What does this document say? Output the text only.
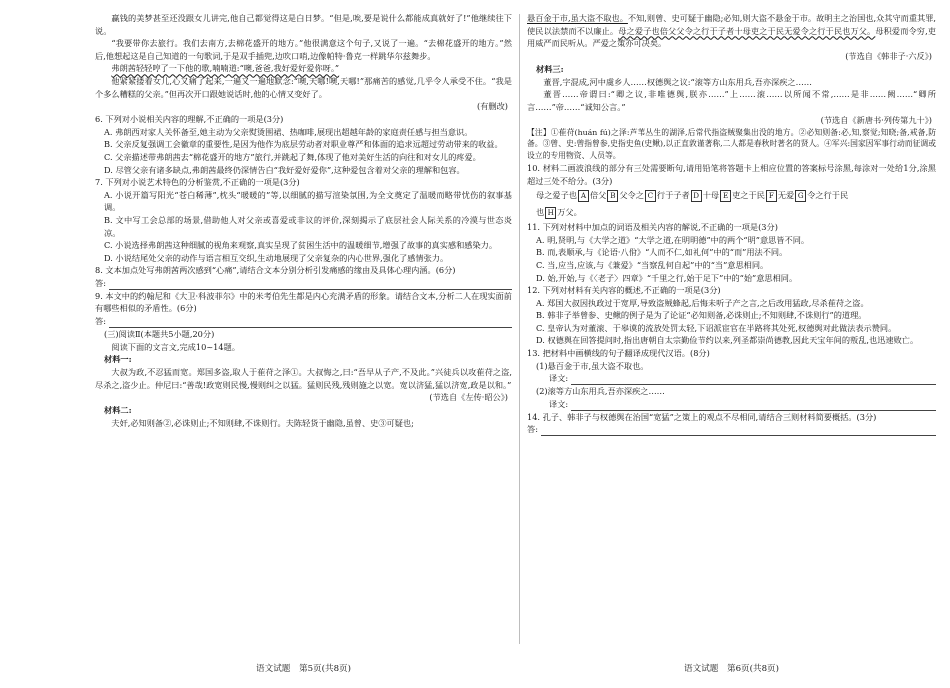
赢钱的美梦甚至还没跟女儿讲完,他自己都觉得这是白日梦。“但是,唉,要是说什么都能成真就好了!”他继续往下说。

“我要带你去旅行。我们去南方,去棉花盛开的地方。”他很满意这个句子,又说了一遍。“去棉花盛开的地方。”然后,他想起这是自己知道的一句歌词,于是双手插兜,边吹口哨,边像帕特·鲁克一样跳华尔兹舞步。

弗朗茜轻轻哼了一下他的歌,喃喃道:“噢,爸爸,我好爱好爱你呀。”

他紧紧搂着女儿,心又痛了起来,一遍又一遍地默念:“噢,天哪!噢,天哪!”那痛苦的感觉,几乎令人承受不住。“我是个多么糟糕的父亲。”但再次开口跟她说话时,他的心情又变好了。

(有删改)

6. 下列对小说相关内容的理解,不正确的一项是(3分)

A. 弗朗西对家人关怀备至,她主动为父亲熨烫围裙、热咖啡,展现出超越年龄的家庭责任感与担当意识。

B. 父亲反复强调工会徽章的重要性,是因为他作为底层劳动者对职业尊严和体面的追求远超过劳动带来的收益。

C. 父亲描述带弗朗茜去“棉花盛开的地方”旅行,并跳起了舞,体现了他对美好生活的向往和对女儿的疼爱。

D. 尽管父亲有诸多缺点,弗朗茜最终仍深情告白“我好爱好爱你”,这种爱包含着对父亲的理解和包容。

7. 下列对小说艺术特色的分析鉴赏,不正确的一项是(3分)

A. 小说开篇写阳光“苍白稀薄”,枕头“暖暖的”等,以细腻的描写渲染氛围,为全文奠定了温暖而略带忧伤的叙事基调。

B. 文中写工会总部的场景,借助他人对父亲或喜爱或非议的评价,深刻揭示了底层社会人际关系的冷漠与世态炎凉。

C. 小说选择弗朗茜这种细腻的视角来观察,真实呈现了贫困生活中的温暖细节,增强了故事的真实感和感染力。

D. 小说结尾处父亲的动作与语言相互交织,生动地展现了父亲复杂的内心世界,强化了感情张力。

8. 文本加点处写弗朗茜两次感到“心痛”,请结合文本分别分析引发痛感的缘由及具体心理内涵。(6分)

答:

9. 本文中的约翰尼和《大卫·科波菲尔》中的米考伯先生都是内心充满矛盾的形象。请结合文本,分析二人在现实面前有哪些相似的矛盾性。(6分)

答:

(三)阅读Ⅱ(本题共5小题,20分)

阅读下面的文言文,完成10~14题。

材料一:

大叔为政,不忍猛而宽。郑国多盗,取人于萑苻之泽①。大叔悔之,曰:“吾早从子产,不及此。”兴徒兵以攻萑苻之盗,尽杀之,盗少止。仲尼曰:“善哉!政宽则民慢,慢则纠之以猛。猛则民残,残则施之以宽。宽以济猛,猛以济宽,政是以和。”

(节选自《左传·昭公》)

材料二:

夫奸,必知则备②,必诛则止;不知则肆,不诛则行。夫陈轻货于幽隐,虽曾、史③可疑也;

语文试题　第5页(共8页)

悬百金于市,虽大盗不取也。不知,则曾、史可疑于幽隐;必知,则大盗不悬金于市。故明主之治国也,众其守而重其罪,使民以法禁而不以廉止。母之爱子也倍父父令之行于子者十母吏之于民无爱令之行于民也万父。母积爱而令穷,吏用威严而民听从。严爱之策亦可决矣。

(节选自《韩非子·六反》)

材料三:

董晋,字混成,河中虞乡人……权德舆之议:“滚等方山东用兵,吾亦深疾之……

董晋……帝谓曰:“卿之议,非唯德舆,朕亦……”上……滚……以所闻不常,……是非……阙……“卿所言……”帝……“诚知公言。”

(节选自《新唐书·列传第九十》)

【注】①萑苻(huán fú)之泽:芦苇丛生的湖泽,后常代指盗贼聚集出没的地方。②必知则备:必,知,察觉;知晓;备,戒备,防备。③曾、史:曾指曾参,史指史鱼(史鳅),以正直敦谨著称,二人都是春秋时著名的贤人。④军兴:国家因军事行动而征调或设立的专用物资、人员等。

10. 材料二画波浪线的部分有三处需要断句,请用铅笔将答题卡上相应位置的答案标号涂黑,每涂对一处给1分,涂黑超过三处不给分。(3分)

母之爱子也 A 倍父 B 父令之 C 行于子者 D 十母 E 吏之于民 F 无爱 G 令之行于民
也 H 万父。

11. 下列对材料中加点的词语及相关内容的解说,不正确的一项是(3分)

A. 明,贤明,与《大学之道》“大学之道,在明明德”中的两个“明”意思皆不同。

B. 而,表顺承,与《论语·八佾》“人而不仁,如礼何”中的“而”用法不同。

C. 当,应当,应该,与《兼爱》“当察乱何自起”中的“当”意思相同。

D. 始,开始,与《〈老子〉四章》“千里之行,始于足下”中的“始”意思相同。

12. 下列对材料有关内容的概述,不正确的一项是(3分)

A. 郑国大叔因执政过于宽厚,导致盗贼蜂起,后悔未听子产之言,之后改用猛政,尽杀萑苻之盗。

B. 韩非子举曾参、史鳅的例子是为了论证“必知则备,必诛则止;不知则肆,不诛则行”的道理。

C. 皇帝认为对董滚、于皋谟的流放处罚太轻,下诏派宦官在半路将其处死,权德舆对此做法表示赞同。

D. 权德舆在回答提问时,指出唐朝自太宗勤俭节约以来,列圣都崇尚德教,因此天宝年间的叛乱,也迅速败亡。

13. 把材料中画横线的句子翻译成现代汉语。(8分)

(1)悬百金于市,虽大盗不取也。

译文:

(2)滚等方山东用兵,吾亦深疾之……

译文:

14. 孔子、韩非子与权德舆在治国“宽猛”之策上的观点不尽相同,请结合三则材料简要概括。(3分)

答:
语文试题　第6页(共8页)
